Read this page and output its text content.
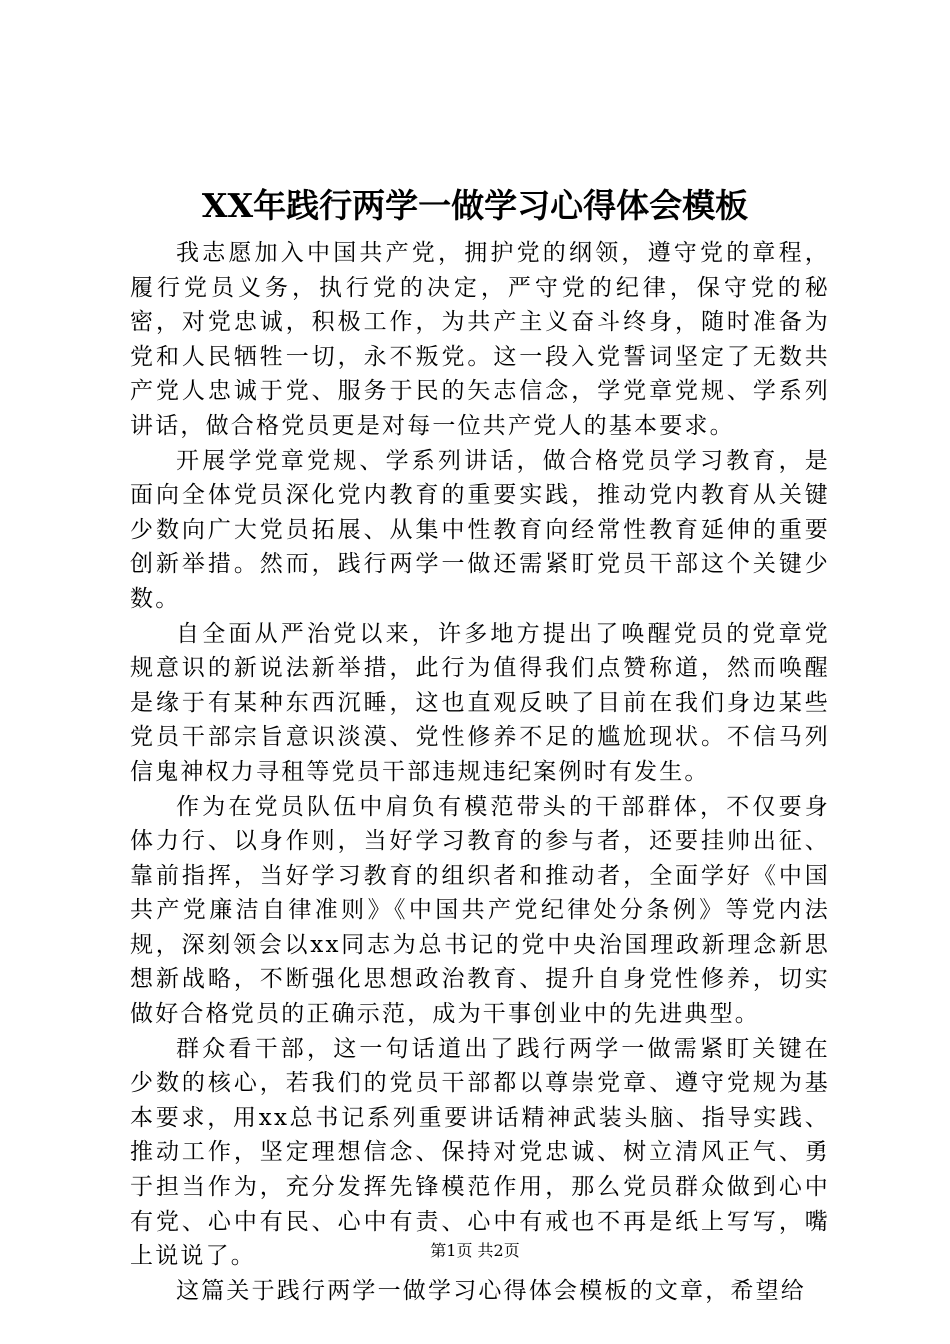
XX年践行两学一做学习心得体会模板

我志愿加入中国共产党，拥护党的纲领，遵守党的章程，履行党员义务，执行党的决定，严守党的纪律，保守党的秘密，对党忠诚，积极工作，为共产主义奋斗终身，随时准备为党和人民牺牲一切，永不叛党。这一段入党誓词坚定了无数共产党人忠诚于党、服务于民的矢志信念，学党章党规、学系列讲话，做合格党员更是对每一位共产党人的基本要求。

开展学党章党规、学系列讲话，做合格党员学习教育，是面向全体党员深化党内教育的重要实践，推动党内教育从关键少数向广大党员拓展、从集中性教育向经常性教育延伸的重要创新举措。然而，践行两学一做还需紧盯党员干部这个关键少数。

自全面从严治党以来，许多地方提出了唤醒党员的党章党规意识的新说法新举措，此行为值得我们点赞称道，然而唤醒是缘于有某种东西沉睡，这也直观反映了目前在我们身边某些党员干部宗旨意识淡漠、党性修养不足的尴尬现状。不信马列信鬼神权力寻租等党员干部违规违纪案例时有发生。

作为在党员队伍中肩负有模范带头的干部群体，不仅要身体力行、以身作则，当好学习教育的参与者，还要挂帅出征、靠前指挥，当好学习教育的组织者和推动者，全面学好《中国共产党廉洁自律准则》《中国共产党纪律处分条例》等党内法规，深刻领会以xx同志为总书记的党中央治国理政新理念新思想新战略，不断强化思想政治教育、提升自身党性修养，切实做好合格党员的正确示范，成为干事创业中的先进典型。

群众看干部，这一句话道出了践行两学一做需紧盯关键在少数的核心，若我们的党员干部都以尊崇党章、遵守党规为基本要求，用xx总书记系列重要讲话精神武装头脑、指导实践、推动工作，坚定理想信念、保持对党忠诚、树立清风正气、勇于担当作为，充分发挥先锋模范作用，那么党员群众做到心中有党、心中有民、心中有责、心中有戒也不再是纸上写写，嘴上说说了。

这篇关于践行两学一做学习心得体会模板的文章，希望给

第1页 共2页
